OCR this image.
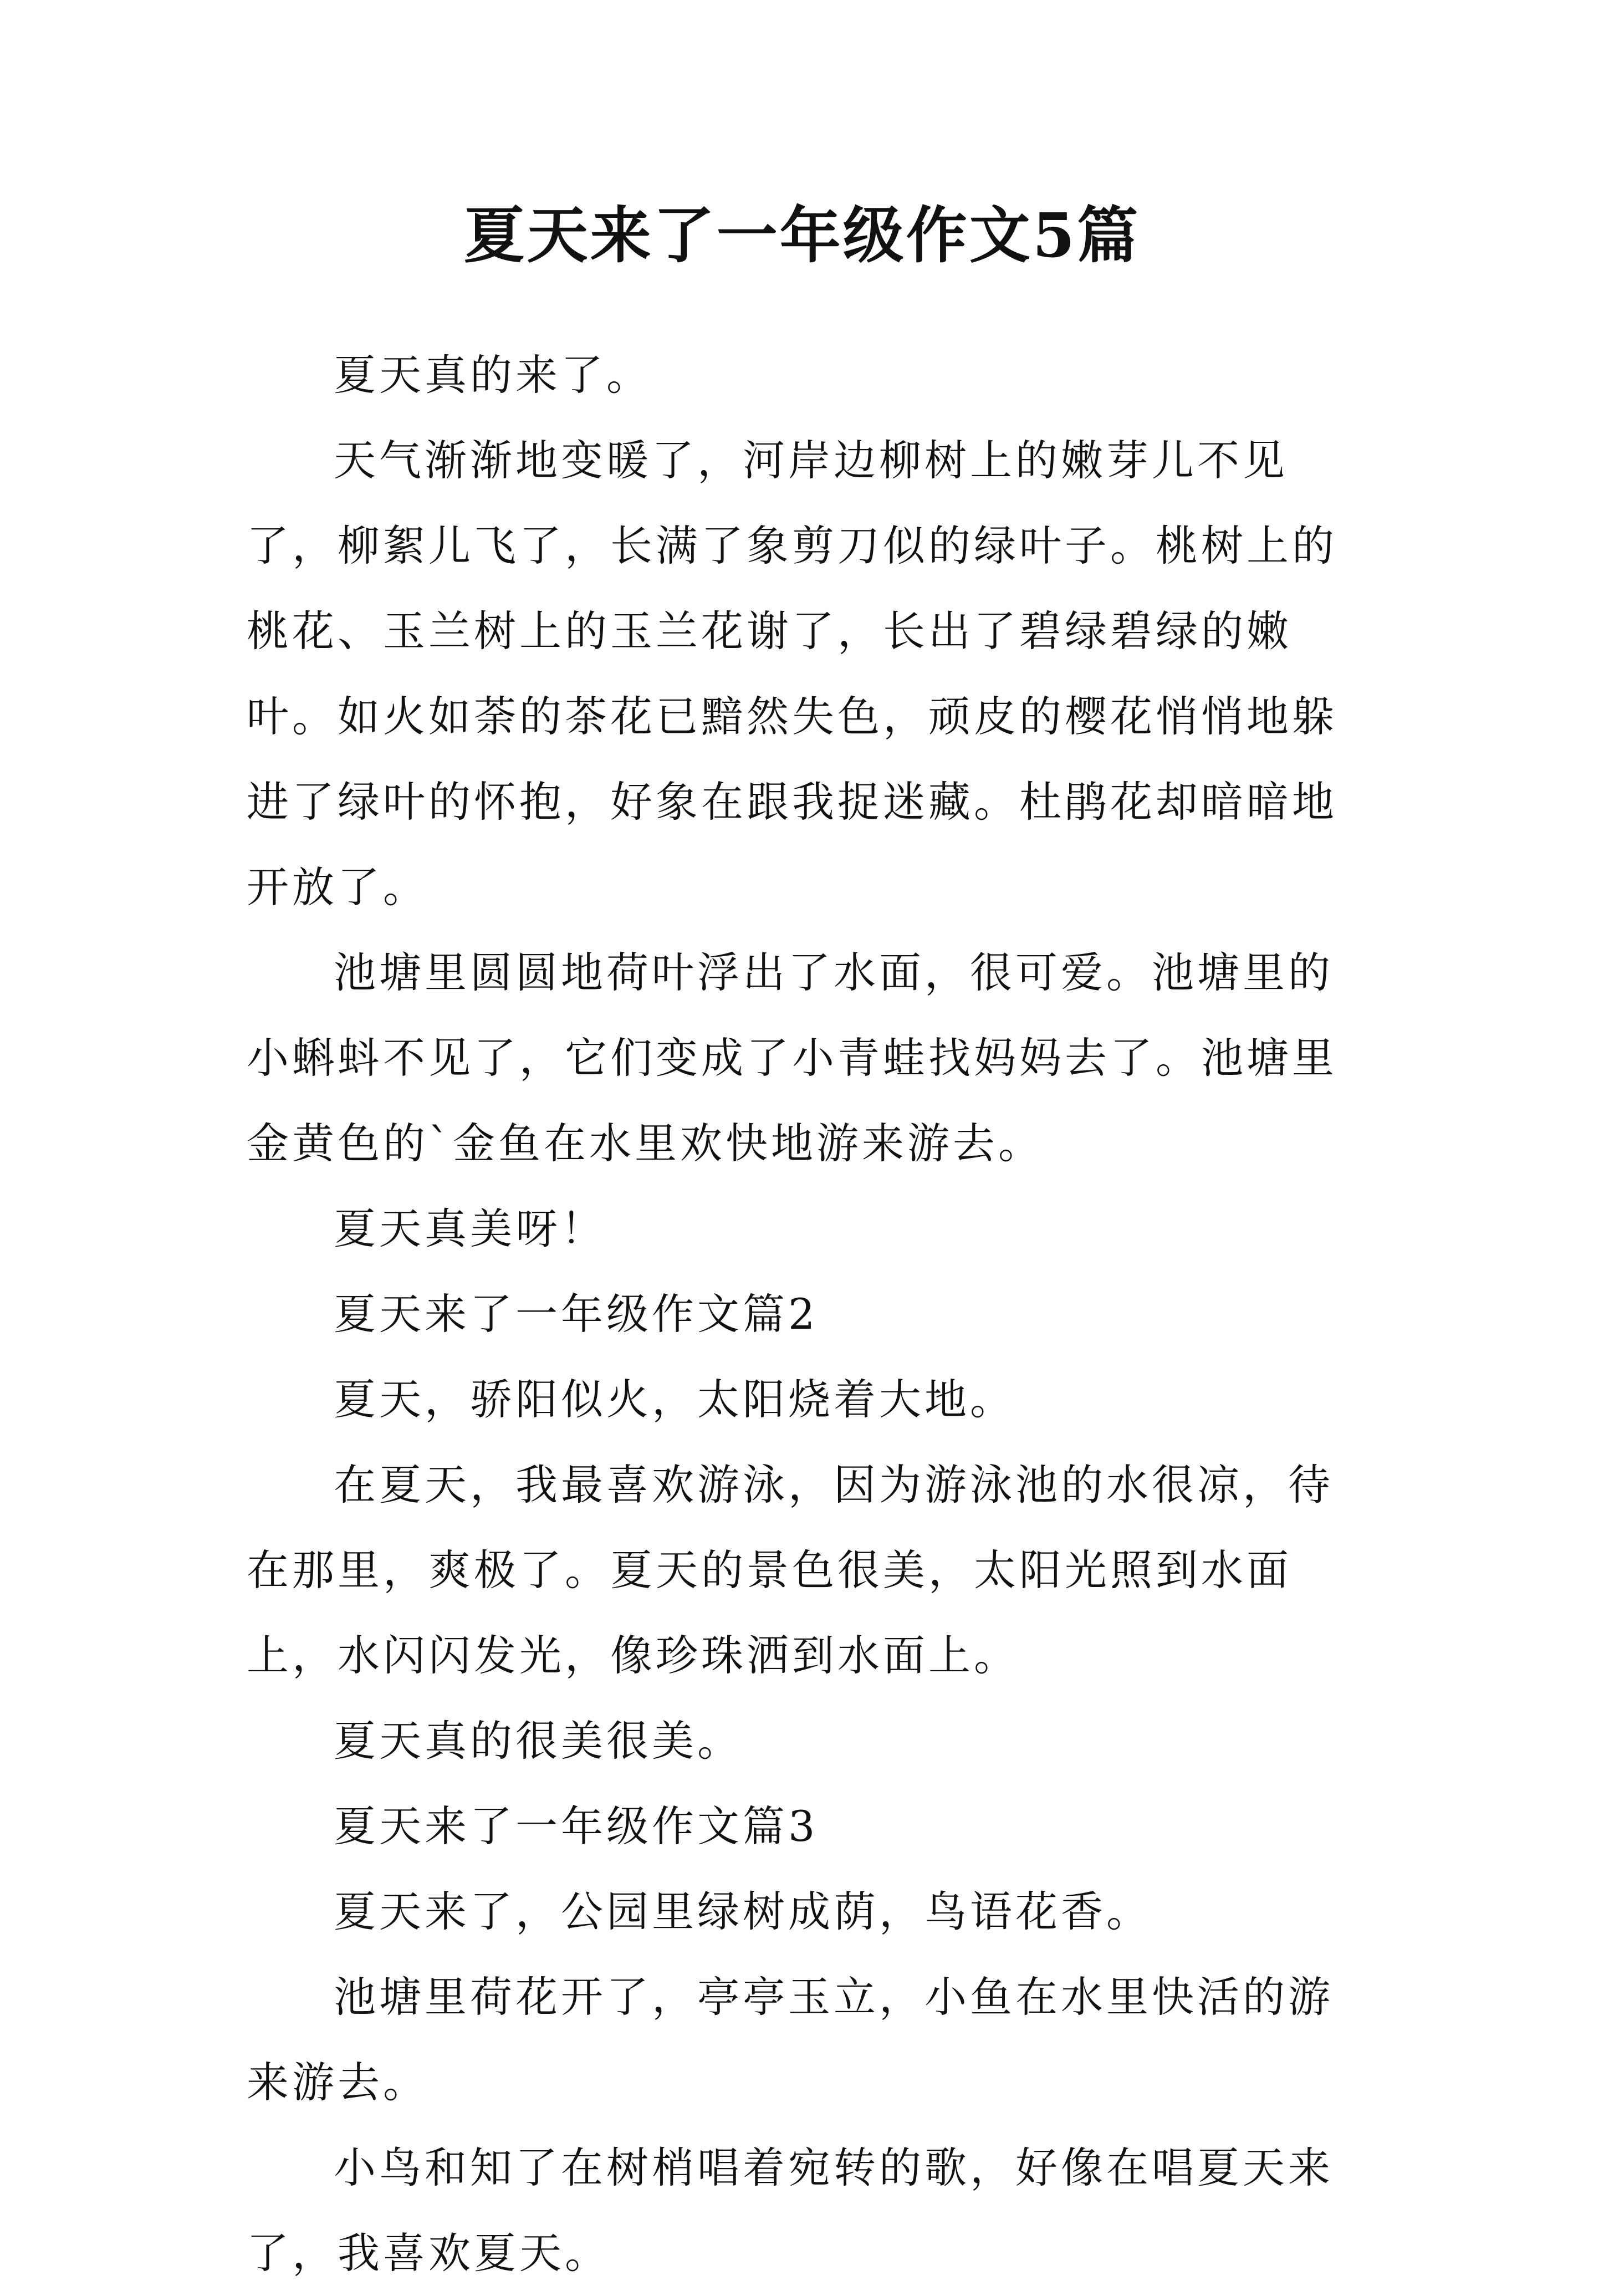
夏天来了一年级作文5篇

夏天真的来了。

天气渐渐地变暖了，河岸边柳树上的嫩芽儿不见了，柳絮儿飞了，长满了象剪刀似的绿叶子。桃树上的桃花、玉兰树上的玉兰花谢了，长出了碧绿碧绿的嫩叶。如火如荼的茶花已黯然失色，顽皮的樱花悄悄地躲进了绿叶的怀抱，好象在跟我捉迷藏。杜鹃花却暗暗地开放了。

池塘里圆圆地荷叶浮出了水面，很可爱。池塘里的小蝌蚪不见了，它们变成了小青蛙找妈妈去了。池塘里金黄色的`金鱼在水里欢快地游来游去。

夏天真美呀！

夏天来了一年级作文篇2

夏天，骄阳似火，太阳烧着大地。

在夏天，我最喜欢游泳，因为游泳池的水很凉，待在那里，爽极了。夏天的景色很美，太阳光照到水面上，水闪闪发光，像珍珠洒到水面上。

夏天真的很美很美。

夏天来了一年级作文篇3

夏天来了，公园里绿树成荫，鸟语花香。

池塘里荷花开了，亭亭玉立，小鱼在水里快活的游来游去。

小鸟和知了在树梢唱着宛转的歌，好像在唱夏天来了，我喜欢夏天。
